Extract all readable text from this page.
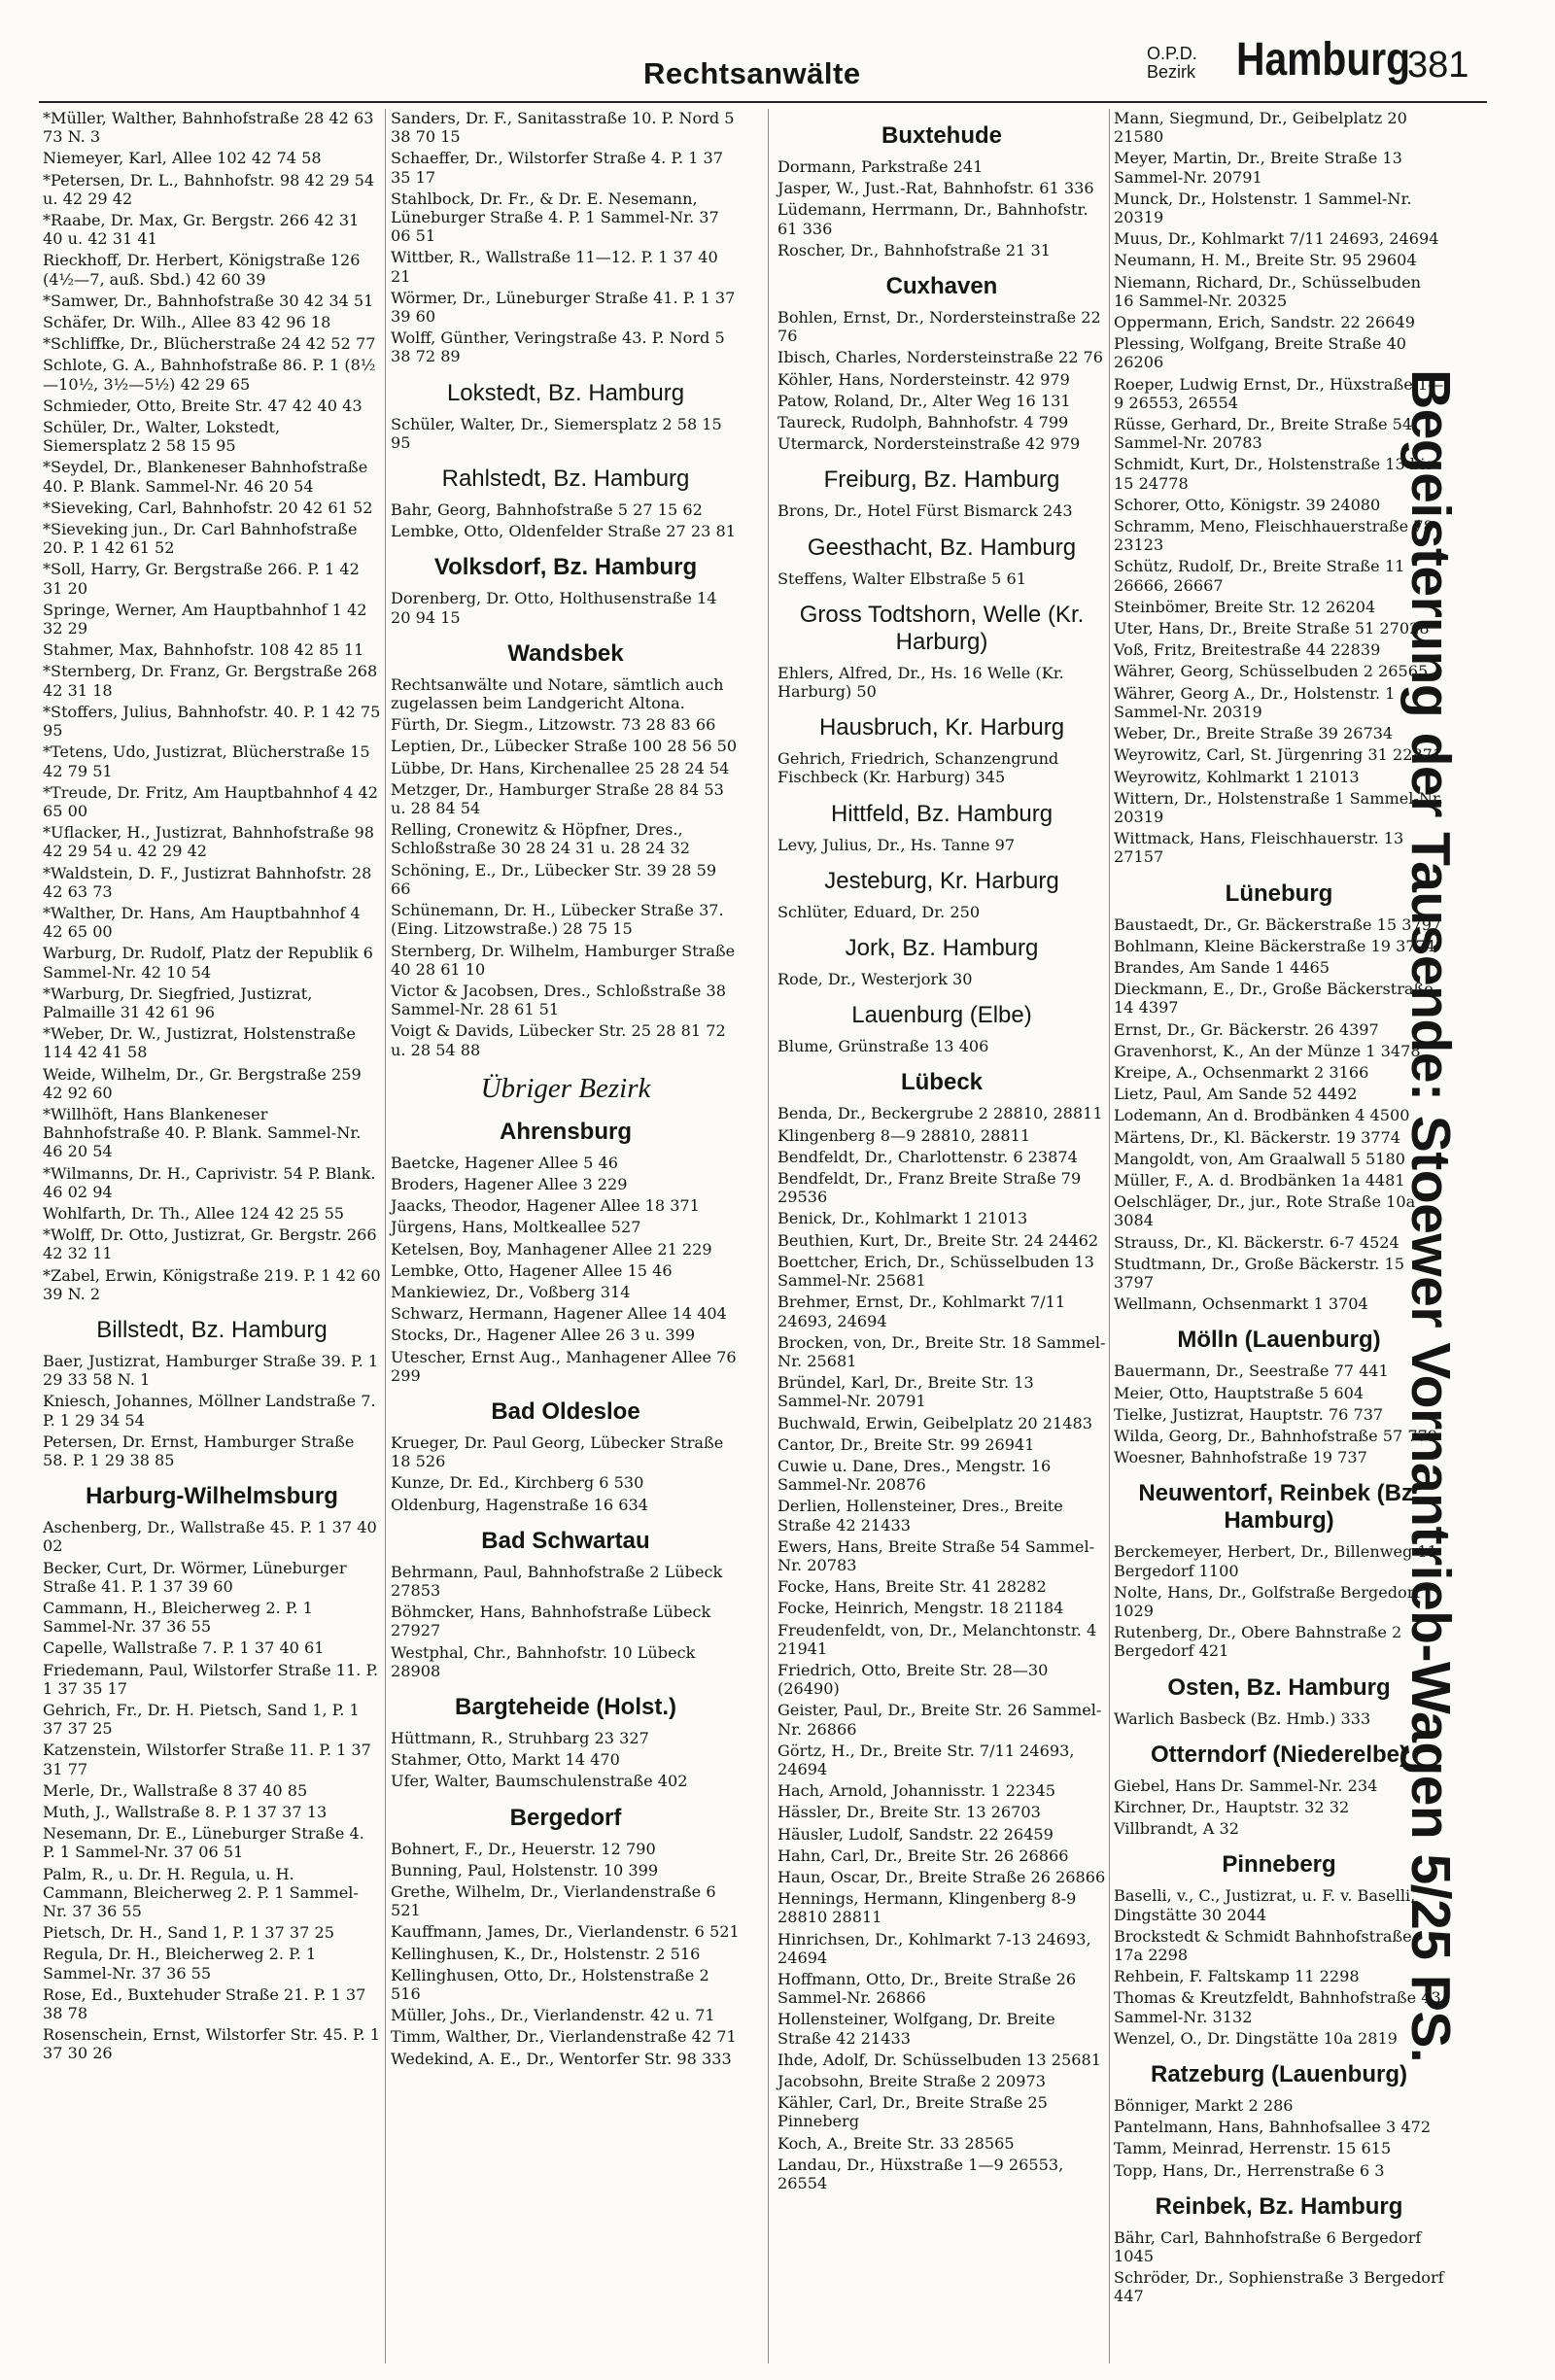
Rechtsanwälte
O.P.D.
Bezirk Hamburg
381
*Müller, Walther, Bahnhofstraße 28 42 63 73 N. 3
Niemeyer, Karl, Allee 102 42 74 58
*Petersen, Dr. L., Bahnhofstr. 98 42 29 54 u. 42 29 42
*Raabe, Dr. Max, Gr. Bergstr. 266 42 31 40 u. 42 31 41
Rieckhoff, Dr. Herbert, Königstraße 126 (4½—7, auß. Sbd.) 42 60 39
*Samwer, Dr., Bahnhofstraße 30 42 34 51
Schäfer, Dr. Wilh., Allee 83 42 96 18
*Schliffke, Dr., Blücherstraße 24 42 52 77
Schlote, G. A., Bahnhofstraße 86. P. 1 (8½—10½, 3½—5½) 42 29 65
Schmieder, Otto, Breite Str. 47 42 40 43
Schüler, Dr., Walter, Lokstedt, Siemersplatz 2 58 15 95
*Seydel, Dr., Blankeneser Bahnhofstraße 40. P. Blank. Sammel-Nr. 46 20 54
*Sieveking, Carl, Bahnhofstr. 20 42 61 52
*Sieveking jun., Dr. Carl Bahnhofstraße 20. P. 1 42 61 52
*Soll, Harry, Gr. Bergstraße 266. P. 1 42 31 20
Springe, Werner, Am Hauptbahnhof 1 42 32 29
Stahmer, Max, Bahnhofstr. 108 42 85 11
*Sternberg, Dr. Franz, Gr. Bergstraße 268 42 31 18
*Stoffers, Julius, Bahnhofstr. 40. P. 1 42 75 95
*Tetens, Udo, Justizrat, Blücherstraße 15 42 79 51
*Treude, Dr. Fritz, Am Hauptbahnhof 4 42 65 00
*Uflacker, H., Justizrat, Bahnhofstraße 98 42 29 54 u. 42 29 42
*Waldstein, D. F., Justizrat Bahnhofstr. 28 42 63 73
*Walther, Dr. Hans, Am Hauptbahnhof 4 42 65 00
Warburg, Dr. Rudolf, Platz der Republik 6 Sammel-Nr. 42 10 54
*Warburg, Dr. Siegfried, Justizrat, Palmaille 31 42 61 96
*Weber, Dr. W., Justizrat, Holstenstraße 114 42 41 58
Weide, Wilhelm, Dr., Gr. Bergstraße 259 42 92 60
*Willhöft, Hans Blankeneser Bahnhofstraße 40. P. Blank. Sammel-Nr. 46 20 54
*Wilmanns, Dr. H., Caprivistr. 54 P. Blank. 46 02 94
Wohlfarth, Dr. Th., Allee 124 42 25 55
*Wolff, Dr. Otto, Justizrat, Gr. Bergstr. 266 42 32 11
*Zabel, Erwin, Königstraße 219. P. 1 42 60 39 N. 2
Billstedt, Bz. Hamburg
Baer, Justizrat, Hamburger Straße 39. P. 1 29 33 58 N. 1
Kniesch, Johannes, Möllner Landstraße 7. P. 1 29 34 54
Petersen, Dr. Ernst, Hamburger Straße 58. P. 1 29 38 85
Harburg-Wilhelmsburg
Aschenberg, Dr., Wallstraße 45. P. 1 37 40 02
Becker, Curt, Dr. Wörmer, Lüneburger Straße 41. P. 1 37 39 60
Cammann, H., Bleicherweg 2. P. 1 Sammel-Nr. 37 36 55
Capelle, Wallstraße 7. P. 1 37 40 61
Friedemann, Paul, Wilstorfer Straße 11. P. 1 37 35 17
Gehrich, Fr., Dr. H. Pietsch, Sand 1, P. 1 37 37 25
Katzenstein, Wilstorfer Straße 11. P. 1 37 31 77
Merle, Dr., Wallstraße 8 37 40 85
Muth, J., Wallstraße 8. P. 1 37 37 13
Nesemann, Dr. E., Lüneburger Straße 4. P. 1 Sammel-Nr. 37 06 51
Palm, R., u. Dr. H. Regula, u. H. Cammann, Bleicherweg 2. P. 1 Sammel-Nr. 37 36 55
Pietsch, Dr. H., Sand 1, P. 1 37 37 25
Regula, Dr. H., Bleicherweg 2. P. 1 Sammel-Nr. 37 36 55
Rose, Ed., Buxtehuder Straße 21. P. 1 37 38 78
Rosenschein, Ernst, Wilstorfer Str. 45. P. 1 37 30 26
Sanders, Dr. F., Sanitasstraße 10. P. Nord 5 38 70 15
Schaeffer, Dr., Wilstorfer Straße 4. P. 1 37 35 17
Stahlbock, Dr. Fr., & Dr. E. Nesemann, Lüneburger Straße 4. P. 1 Sammel-Nr. 37 06 51
Wittber, R., Wallstraße 11—12. P. 1 37 40 21
Wörmer, Dr., Lüneburger Straße 41. P. 1 37 39 60
Wolff, Günther, Veringstraße 43. P. Nord 5 38 72 89
Lokstedt, Bz. Hamburg
Schüler, Walter, Dr., Siemersplatz 2 58 15 95
Rahlstedt, Bz. Hamburg
Bahr, Georg, Bahnhofstraße 5 27 15 62
Lembke, Otto, Oldenfelder Straße 27 23 81
Volksdorf, Bz. Hamburg
Dorenberg, Dr. Otto, Holthusenstraße 14 20 94 15
Wandsbek
Rechtsanwälte und Notare, sämtlich auch zugelassen beim Landgericht Altona.
Fürth, Dr. Siegm., Litzowstr. 73 28 83 66
Leptien, Dr., Lübecker Straße 100 28 56 50
Lübbe, Dr. Hans, Kirchenallee 25 28 24 54
Metzger, Dr., Hamburger Straße 28 84 53 u. 28 84 54
Relling, Cronewitz & Höpfner, Dres., Schloßstraße 30 28 24 31 u. 28 24 32
Schöning, E., Dr., Lübecker Str. 39 28 59 66
Schünemann, Dr. H., Lübecker Straße 37. (Eing. Litzowstraße.) 28 75 15
Sternberg, Dr. Wilhelm, Hamburger Straße 40 28 61 10
Victor & Jacobsen, Dres., Schloßstraße 38 Sammel-Nr. 28 61 51
Voigt & Davids, Lübecker Str. 25 28 81 72 u. 28 54 88
Übriger Bezirk
Ahrensburg
Baetcke, Hagener Allee 5 46
Broders, Hagener Allee 3 229
Jaacks, Theodor, Hagener Allee 18 371
Jürgens, Hans, Moltkeallee 527
Ketelsen, Boy, Manhagener Allee 21 229
Lembke, Otto, Hagener Allee 15 46
Mankiewiez, Dr., Voßberg 314
Schwarz, Hermann, Hagener Allee 14 404
Stocks, Dr., Hagener Allee 26 3 u. 399
Utescher, Ernst Aug., Manhagener Allee 76 299
Bad Oldesloe
Krueger, Dr. Paul Georg, Lübecker Straße 18 526
Kunze, Dr. Ed., Kirchberg 6 530
Oldenburg, Hagenstraße 16 634
Bad Schwartau
Behrmann, Paul, Bahnhofstraße 2 Lübeck 27853
Böhmcker, Hans, Bahnhofstraße Lübeck 27927
Westphal, Chr., Bahnhofstr. 10 Lübeck 28908
Bargteheide (Holst.)
Hüttmann, R., Struhbarg 23 327
Stahmer, Otto, Markt 14 470
Ufer, Walter, Baumschulenstraße 402
Bergedorf
Bohnert, F., Dr., Heuerstr. 12 790
Bunning, Paul, Holstenstr. 10 399
Grethe, Wilhelm, Dr., Vierlandenstraße 6 521
Kauffmann, James, Dr., Vierlandenstr. 6 521
Kellinghusen, K., Dr., Holstenstr. 2 516
Kellinghusen, Otto, Dr., Holstenstraße 2 516
Müller, Johs., Dr., Vierlandenstr. 42 u. 71
Timm, Walther, Dr., Vierlandenstraße 42 71
Wedekind, A. E., Dr., Wentorfer Str. 98 333
Buxtehude
Dormann, Parkstraße 241
Jasper, W., Just.-Rat, Bahnhofstr. 61 336
Lüdemann, Herrmann, Dr., Bahnhofstr. 61 336
Roscher, Dr., Bahnhofstraße 21 31
Cuxhaven
Bohlen, Ernst, Dr., Nordersteinstraße 22 76
Ibisch, Charles, Nordersteinstraße 22 76
Köhler, Hans, Nordersteinstr. 42 979
Patow, Roland, Dr., Alter Weg 16 131
Taureck, Rudolph, Bahnhofstr. 4 799
Utermarck, Nordersteinstraße 42 979
Freiburg, Bz. Hamburg
Brons, Dr., Hotel Fürst Bismarck 243
Geesthacht, Bz. Hamburg
Steffens, Walter Elbstraße 5 61
Gross Todtshorn, Welle (Kr. Harburg)
Ehlers, Alfred, Dr., Hs. 16 Welle (Kr. Harburg) 50
Hausbruch, Kr. Harburg
Gehrich, Friedrich, Schanzengrund Fischbeck (Kr. Harburg) 345
Hittfeld, Bz. Hamburg
Levy, Julius, Dr., Hs. Tanne 97
Jesteburg, Kr. Harburg
Schlüter, Eduard, Dr. 250
Jork, Bz. Hamburg
Rode, Dr., Westerjork 30
Lauenburg (Elbe)
Blume, Grünstraße 13 406
Lübeck
Benda, Dr., Beckergrube 2 28810, 28811
Klingenberg 8—9 28810, 28811
Bendfeldt, Dr., Charlottenstr. 6 23874
Bendfeldt, Dr., Franz Breite Straße 79 29536
Benick, Dr., Kohlmarkt 1 21013
Beuthien, Kurt, Dr., Breite Str. 24 24462
Boettcher, Erich, Dr., Schüsselbuden 13 Sammel-Nr. 25681
Brehmer, Ernst, Dr., Kohlmarkt 7/11 24693, 24694
Brocken, von, Dr., Breite Str. 18 Sammel-Nr. 25681
Bründel, Karl, Dr., Breite Str. 13 Sammel-Nr. 20791
Buchwald, Erwin, Geibelplatz 20 21483
Cantor, Dr., Breite Str. 99 26941
Cuwie u. Dane, Dres., Mengstr. 16 Sammel-Nr. 20876
Derlien, Hollensteiner, Dres., Breite Straße 42 21433
Ewers, Hans, Breite Straße 54 Sammel-Nr. 20783
Focke, Hans, Breite Str. 41 28282
Focke, Heinrich, Mengstr. 18 21184
Freudenfeldt, von, Dr., Melanchtonstr. 4 21941
Friedrich, Otto, Breite Str. 28—30 (26490)
Geister, Paul, Dr., Breite Str. 26 Sammel-Nr. 26866
Görtz, H., Dr., Breite Str. 7/11 24693, 24694
Hach, Arnold, Johannisstr. 1 22345
Hässler, Dr., Breite Str. 13 26703
Häusler, Ludolf, Sandstr. 22 26459
Hahn, Carl, Dr., Breite Str. 26 26866
Haun, Oscar, Dr., Breite Straße 26 26866
Hennings, Hermann, Klingenberg 8-9 28810 28811
Hinrichsen, Dr., Kohlmarkt 7-13 24693, 24694
Hoffmann, Otto, Dr., Breite Straße 26 Sammel-Nr. 26866
Hollensteiner, Wolfgang, Dr. Breite Straße 42 21433
Ihde, Adolf, Dr. Schüsselbuden 13 25681
Jacobsohn, Breite Straße 2 20973
Kähler, Carl, Dr., Breite Straße 25 Pinneberg
Koch, A., Breite Str. 33 28565
Landau, Dr., Hüxstraße 1—9 26553, 26554
Mann, Siegmund, Dr., Geibelplatz 20 21580
Meyer, Martin, Dr., Breite Straße 13 Sammel-Nr. 20791
Munck, Dr., Holstenstr. 1 Sammel-Nr. 20319
Muus, Dr., Kohlmarkt 7/11 24693, 24694
Neumann, H. M., Breite Str. 95 29604
Niemann, Richard, Dr., Schüsselbuden 16 Sammel-Nr. 20325
Oppermann, Erich, Sandstr. 22 26649
Plessing, Wolfgang, Breite Straße 40 26206
Roeper, Ludwig Ernst, Dr., Hüxstraße 1—9 26553, 26554
Rüsse, Gerhard, Dr., Breite Straße 54 Sammel-Nr. 20783
Schmidt, Kurt, Dr., Holstenstraße 13 bis 15 24778
Schorer, Otto, Königstr. 39 24080
Schramm, Meno, Fleischhauerstraße 78 23123
Schütz, Rudolf, Dr., Breite Straße 11 26666, 26667
Steinbömer, Breite Str. 12 26204
Uter, Hans, Dr., Breite Straße 51 27028
Voß, Fritz, Breitestraße 44 22839
Währer, Georg, Schüsselbuden 2 26565
Währer, Georg A., Dr., Holstenstr. 1 Sammel-Nr. 20319
Weber, Dr., Breite Straße 39 26734
Weyrowitz, Carl, St. Jürgenring 31 22871
Weyrowitz, Kohlmarkt 1 21013
Wittern, Dr., Holstenstraße 1 Sammel-Nr. 20319
Wittmack, Hans, Fleischhauerstr. 13 27157
Lüneburg
Baustaedt, Dr., Gr. Bäckerstraße 15 3797
Bohlmann, Kleine Bäckerstraße 19 3774
Brandes, Am Sande 1 4465
Dieckmann, E., Dr., Große Bäckerstraße 14 4397
Ernst, Dr., Gr. Bäckerstr. 26 4397
Gravenhorst, K., An der Münze 1 3478
Kreipe, A., Ochsenmarkt 2 3166
Lietz, Paul, Am Sande 52 4492
Lodemann, An d. Brodbänken 4 4500
Märtens, Dr., Kl. Bäckerstr. 19 3774
Mangoldt, von, Am Graalwall 5 5180
Müller, F., A. d. Brodbänken 1a 4481
Oelschläger, Dr., jur., Rote Straße 10a 3084
Strauss, Dr., Kl. Bäckerstr. 6-7 4524
Studtmann, Dr., Große Bäckerstr. 15 3797
Wellmann, Ochsenmarkt 1 3704
Mölln (Lauenburg)
Bauermann, Dr., Seestraße 77 441
Meier, Otto, Hauptstraße 5 604
Tielke, Justizrat, Hauptstr. 76 737
Wilda, Georg, Dr., Bahnhofstraße 57 779
Woesner, Bahnhofstraße 19 737
Neuwentorf, Reinbek (Bz. Hamburg)
Berckemeyer, Herbert, Dr., Billenweg 11 Bergedorf 1100
Nolte, Hans, Dr., Golfstraße Bergedorf 1029
Rutenberg, Dr., Obere Bahnstraße 2 Bergedorf 421
Osten, Bz. Hamburg
Warlich Basbeck (Bz. Hmb.) 333
Otterndorf (Niederelbe)
Giebel, Hans Dr. Sammel-Nr. 234
Kirchner, Dr., Hauptstr. 32 32
Villbrandt, A 32
Pinneberg
Baselli, v., C., Justizrat, u. F. v. Baselli, Dingstätte 30 2044
Brockstedt & Schmidt Bahnhofstraße 17a 2298
Rehbein, F. Faltskamp 11 2298
Thomas & Kreutzfeldt, Bahnhofstraße 43 Sammel-Nr. 3132
Wenzel, O., Dr. Dingstätte 10a 2819
Ratzeburg (Lauenburg)
Bönniger, Markt 2 286
Pantelmann, Hans, Bahnhofsallee 3 472
Tamm, Meinrad, Herrenstr. 15 615
Topp, Hans, Dr., Herrenstraße 6 3
Reinbek, Bz. Hamburg
Bähr, Carl, Bahnhofstraße 6 Bergedorf 1045
Schröder, Dr., Sophienstraße 3 Bergedorf 447
Begeisterung der Tausende: Stoewer Vornantrieb-Wagen 5/25 PS.
